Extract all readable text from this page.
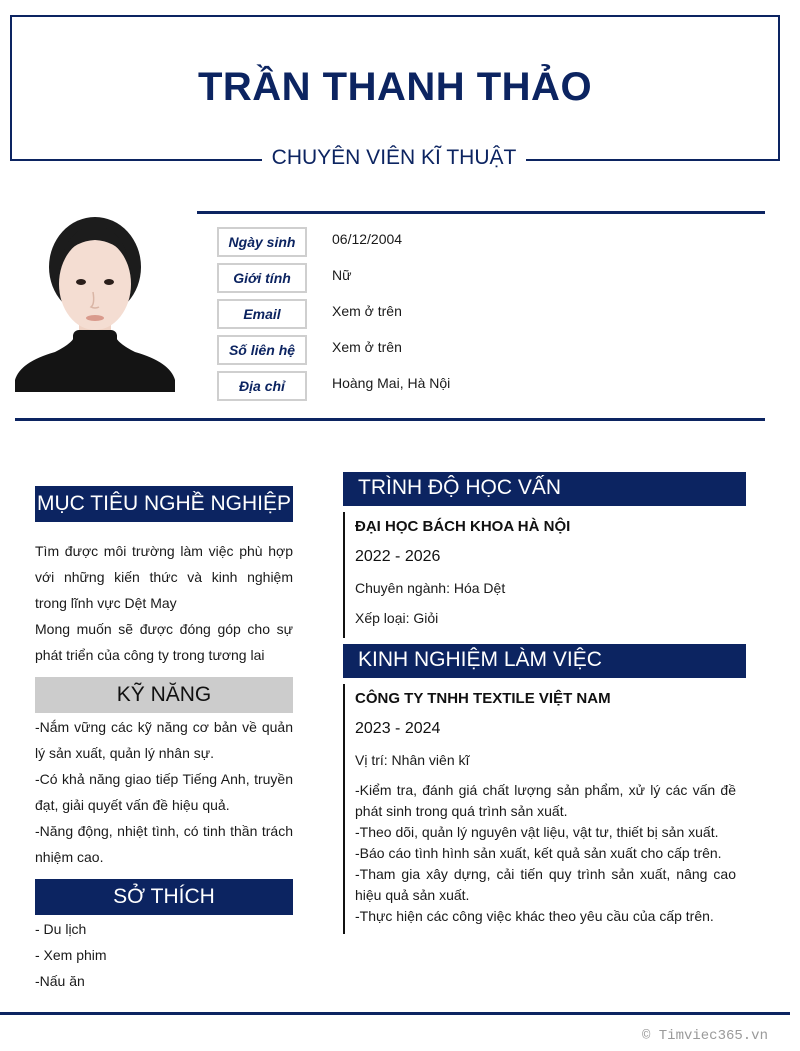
TRẦN THANH THẢO
CHUYÊN VIÊN KĨ THUẬT
Ngày sinh	06/12/2004
Giới tính	Nữ
Email	Xem ở trên
Số liên hệ	Xem ở trên
Địa chỉ	Hoàng Mai, Hà Nội
MỤC TIÊU NGHỀ NGHIỆP

Tìm được môi trường làm việc phù hợp với những kiến thức và kinh nghiệm trong lĩnh vực Dệt May

Mong muốn sẽ được đóng góp cho sự phát triển của công ty trong tương lai

KỸ NĂNG

-Nắm vững các kỹ năng cơ bản về quản lý sản xuất, quản lý nhân sự.

-Có khả năng giao tiếp Tiếng Anh, truyền đạt, giải quyết vấn đề hiệu quả.

-Năng động, nhiệt tình, có tinh thần trách nhiệm cao.

SỞ THÍCH

- Du lịch

- Xem phim

-Nấu ăn

TRÌNH ĐỘ HỌC VẤN
ĐẠI HỌC BÁCH KHOA HÀ NỘI
2022 - 2026
Chuyên ngành: Hóa Dệt
Xếp loại: Giỏi
KINH NGHIỆM LÀM VIỆC
CÔNG TY TNHH TEXTILE VIỆT NAM
2023 - 2024
Vị trí: Nhân viên kĩ
-Kiểm tra, đánh giá chất lượng sản phẩm, xử lý các vấn đề phát sinh trong quá trình sản xuất.
-Theo dõi, quản lý nguyên vật liệu, vật tư, thiết bị sản xuất.
-Báo cáo tình hình sản xuất, kết quả sản xuất cho cấp trên.
-Tham gia xây dựng, cải tiến quy trình sản xuất, nâng cao hiệu quả sản xuất.
-Thực hiện các công việc khác theo yêu cầu của cấp trên.
© Timviec365.vn
